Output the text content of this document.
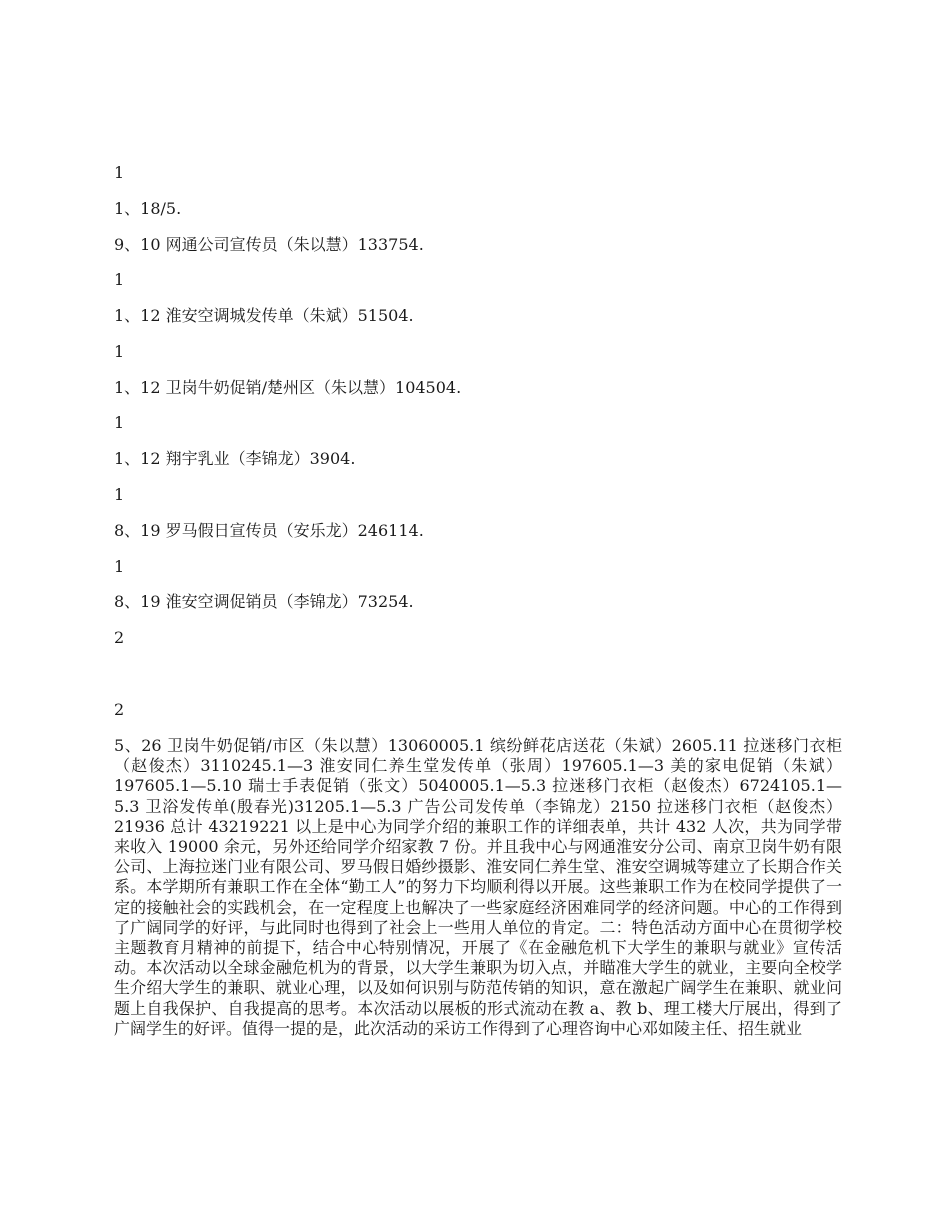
1
1、18/5.
9、10 网通公司宣传员（朱以慧）133754.
1
1、12 淮安空调城发传单（朱斌）51504.
1
1、12 卫岗牛奶促销/楚州区（朱以慧）104504.
1
1、12 翔宇乳业（李锦龙）3904.
1
8、19 罗马假日宣传员（安乐龙）246114.
1
8、19 淮安空调促销员（李锦龙）73254.
2
2
5、26 卫岗牛奶促销/市区（朱以慧）13060005.1 缤纷鲜花店送花（朱斌）2605.11 拉迷移门衣柜（赵俊杰）3110245.1—3 淮安同仁养生堂发传单（张周）197605.1—3 美的家电促销（朱斌）197605.1—5.10 瑞士手表促销（张文）5040005.1—5.3 拉迷移门衣柜（赵俊杰）6724105.1—5.3 卫浴发传单(殷春光)31205.1—5.3 广告公司发传单（李锦龙）2150 拉迷移门衣柜（赵俊杰）21936 总计 43219221 以上是中心为同学介绍的兼职工作的详细表单，共计 432 人次，共为同学带来收入 19000 余元，另外还给同学介绍家教 7 份。并且我中心与网通淮安分公司、南京卫岗牛奶有限公司、上海拉迷门业有限公司、罗马假日婚纱摄影、淮安同仁养生堂、淮安空调城等建立了长期合作关系。本学期所有兼职工作在全体“勤工人”的努力下均顺利得以开展。这些兼职工作为在校同学提供了一定的接触社会的实践机会，在一定程度上也解决了一些家庭经济困难同学的经济问题。中心的工作得到了广阔同学的好评，与此同时也得到了社会上一些用人单位的肯定。二：特色活动方面中心在贯彻学校主题教育月精神的前提下，结合中心特别情况，开展了《在金融危机下大学生的兼职与就业》宣传活动。本次活动以全球金融危机为的背景，以大学生兼职为切入点，并瞄准大学生的就业，主要向全校学生介绍大学生的兼职、就业心理，以及如何识别与防范传销的知识，意在激起广阔学生在兼职、就业问题上自我保护、自我提高的思考。本次活动以展板的形式流动在教 a、教 b、理工楼大厅展出，得到了广阔学生的好评。值得一提的是，此次活动的采访工作得到了心理咨询中心邓如陵主任、招生就业
